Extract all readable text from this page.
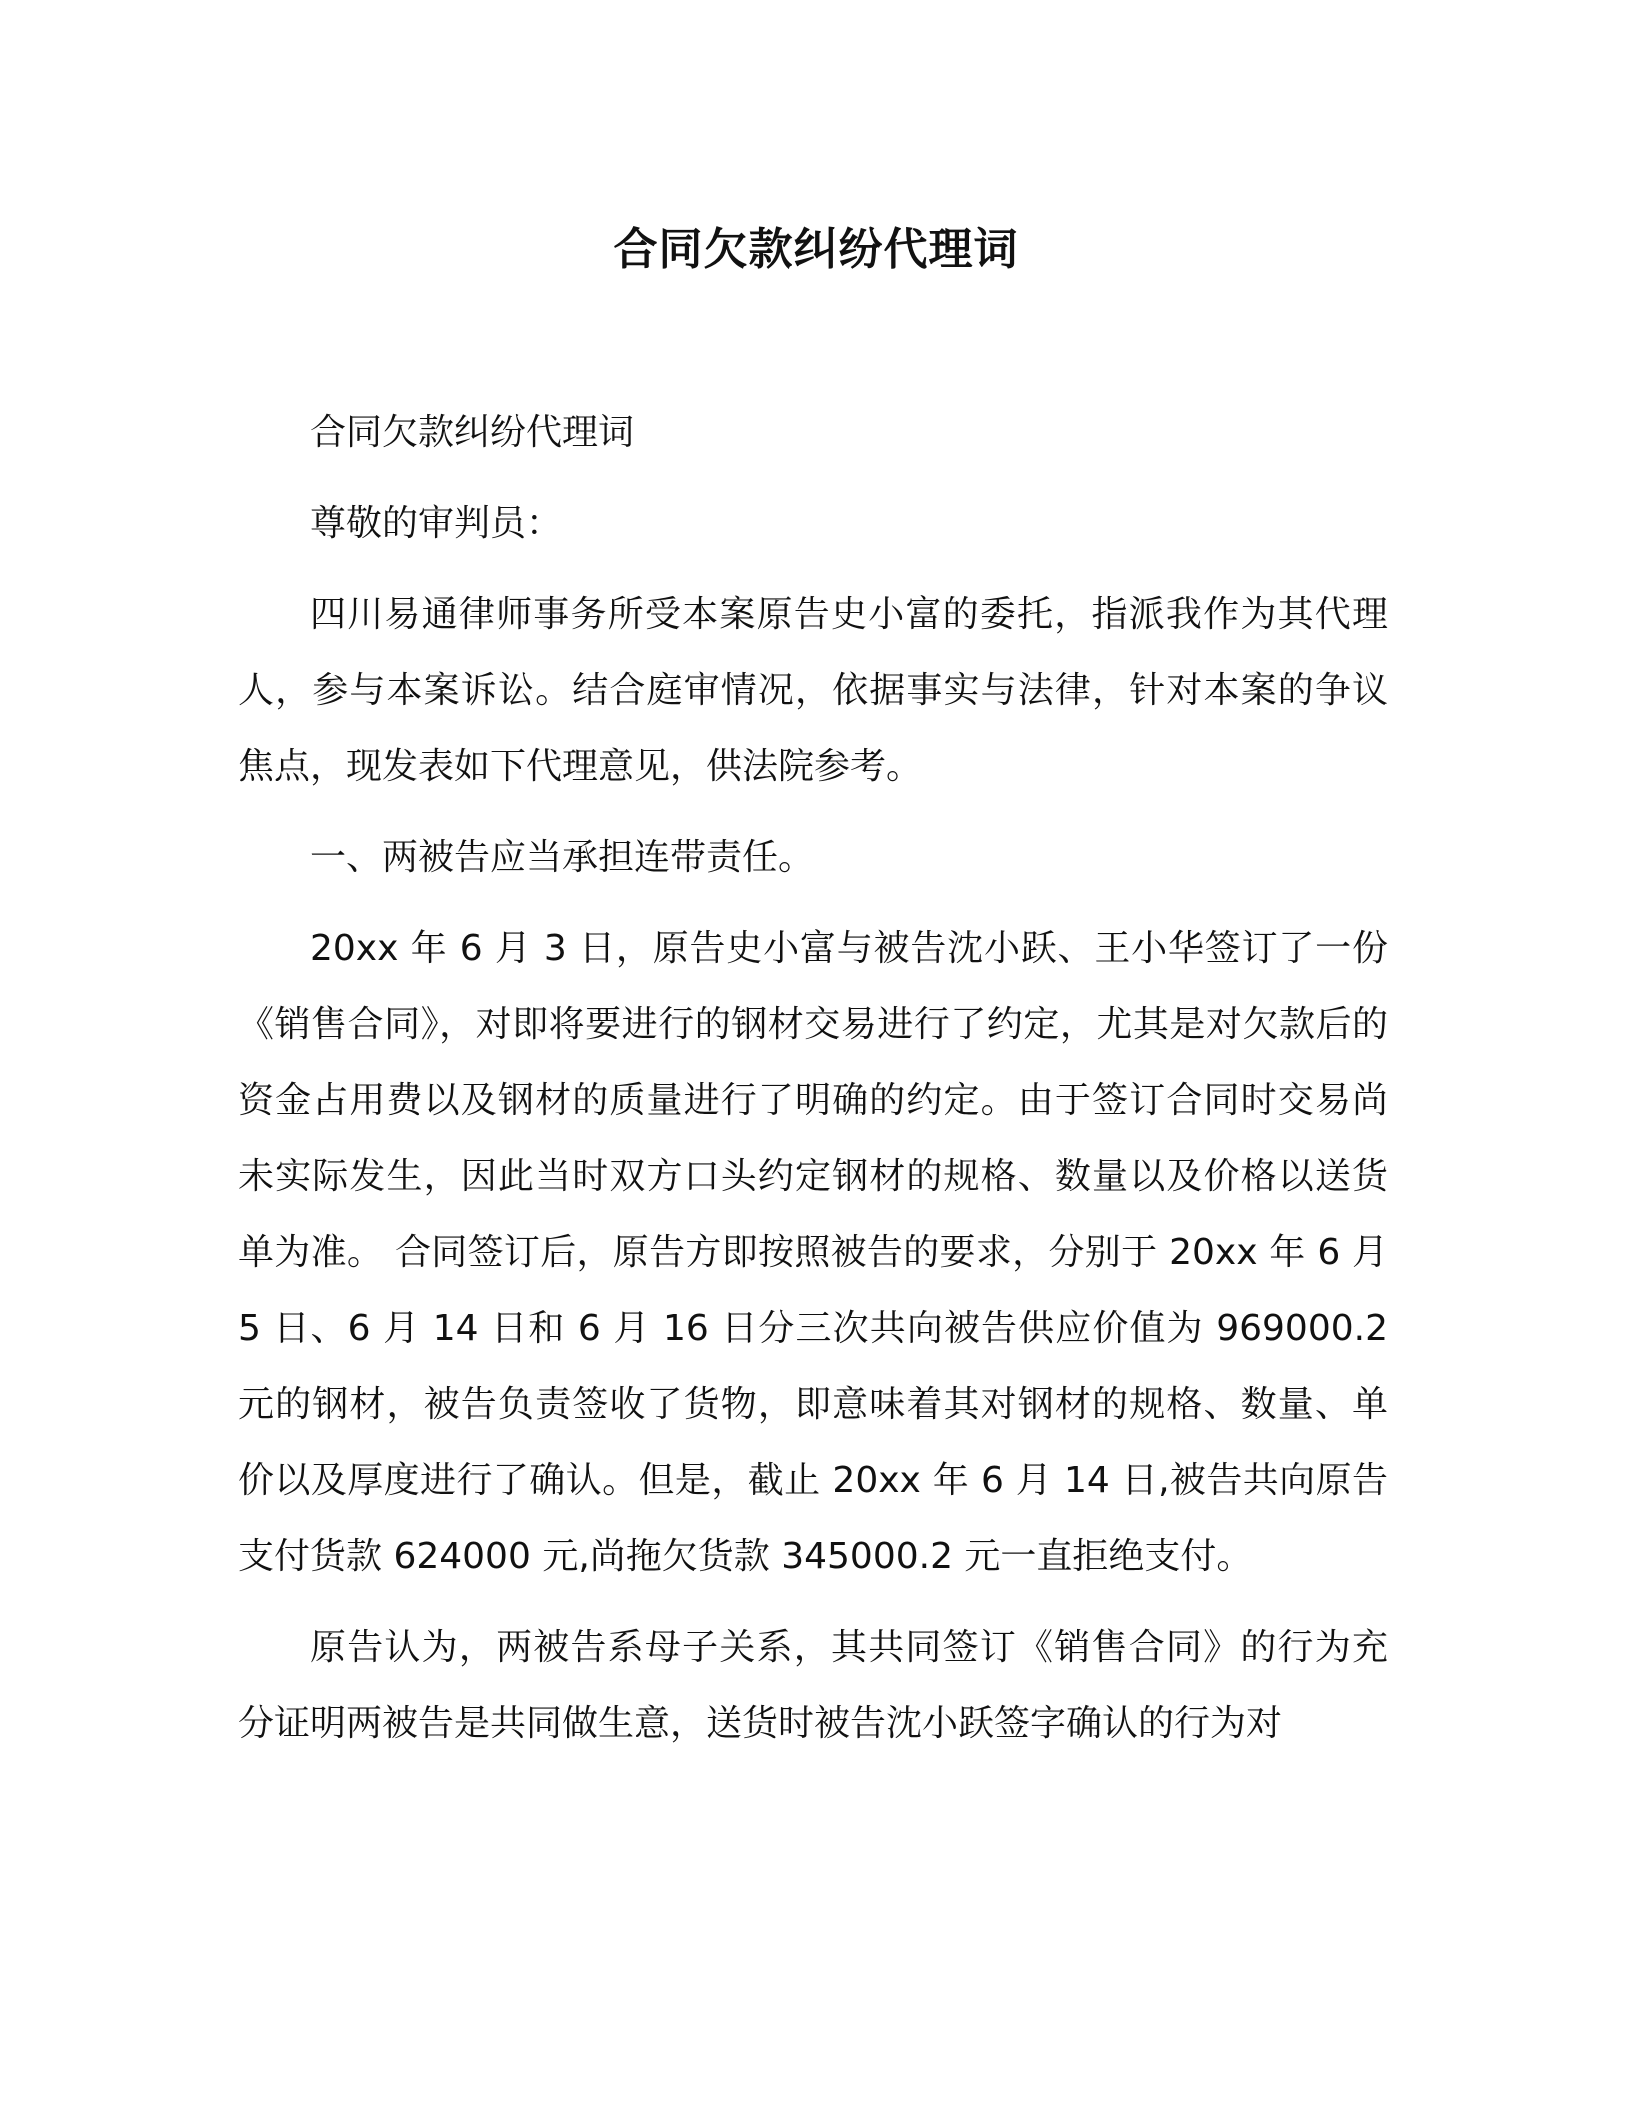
合同欠款纠纷代理词

合同欠款纠纷代理词

尊敬的审判员：

四川易通律师事务所受本案原告史小富的委托，指派我作为其代理人，参与本案诉讼。结合庭审情况，依据事实与法律，针对本案的争议焦点，现发表如下代理意见，供法院参考。

一、两被告应当承担连带责任。

20xx 年 6 月 3 日，原告史小富与被告沈小跃、王小华签订了一份《销售合同》，对即将要进行的钢材交易进行了约定，尤其是对欠款后的资金占用费以及钢材的质量进行了明确的约定。由于签订合同时交易尚未实际发生，因此当时双方口头约定钢材的规格、数量以及价格以送货单为准。 合同签订后，原告方即按照被告的要求，分别于 20xx 年 6 月 5 日、6 月 14 日和 6 月 16 日分三次共向被告供应价值为 969000.2 元的钢材，被告负责签收了货物，即意味着其对钢材的规格、数量、单价以及厚度进行了确认。但是，截止 20xx 年 6 月 14 日,被告共向原告支付货款 624000 元,尚拖欠货款 345000.2 元一直拒绝支付。

原告认为，两被告系母子关系，其共同签订《销售合同》的行为充分证明两被告是共同做生意，送货时被告沈小跃签字确认的行为对
